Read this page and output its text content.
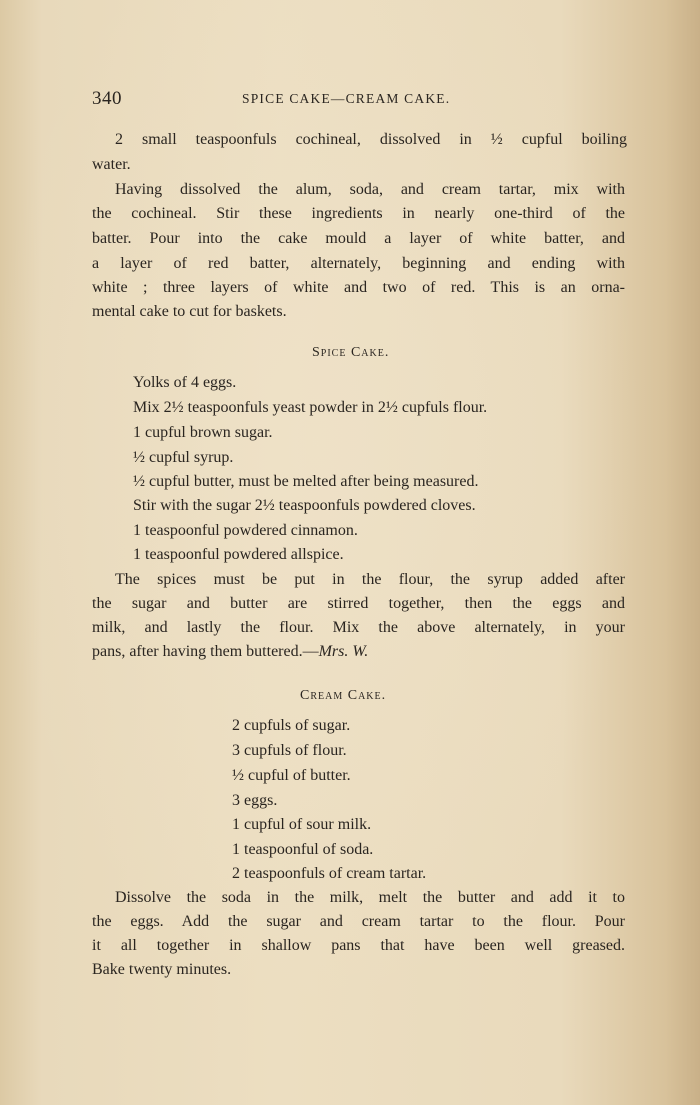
340	SPICE CAKE—CREAM CAKE.
2 small teaspoonfuls cochineal, dissolved in ½ cupful boiling
water.
Having dissolved the alum, soda, and cream tartar, mix with
the cochineal. Stir these ingredients in nearly one-third of the
batter. Pour into the cake mould a layer of white batter, and
a layer of red batter, alternately, beginning and ending with
white ; three layers of white and two of red. This is an orna-
mental cake to cut for baskets.
Spice Cake.
Yolks of 4 eggs.
Mix 2½ teaspoonfuls yeast powder in 2½ cupfuls flour.
1 cupful brown sugar.
½ cupful syrup.
½ cupful butter, must be melted after being measured.
Stir with the sugar 2½ teaspoonfuls powdered cloves.
1 teaspoonful powdered cinnamon.
1 teaspoonful powdered allspice.
The spices must be put in the flour, the syrup added after
the sugar and butter are stirred together, then the eggs and
milk, and lastly the flour. Mix the above alternately, in your
pans, after having them buttered.—Mrs. W.
Cream Cake.
2 cupfuls of sugar.
3 cupfuls of flour.
½ cupful of butter.
3 eggs.
1 cupful of sour milk.
1 teaspoonful of soda.
2 teaspoonfuls of cream tartar.
Dissolve the soda in the milk, melt the butter and add it to
the eggs. Add the sugar and cream tartar to the flour. Pour
it all together in shallow pans that have been well greased.
Bake twenty minutes.
